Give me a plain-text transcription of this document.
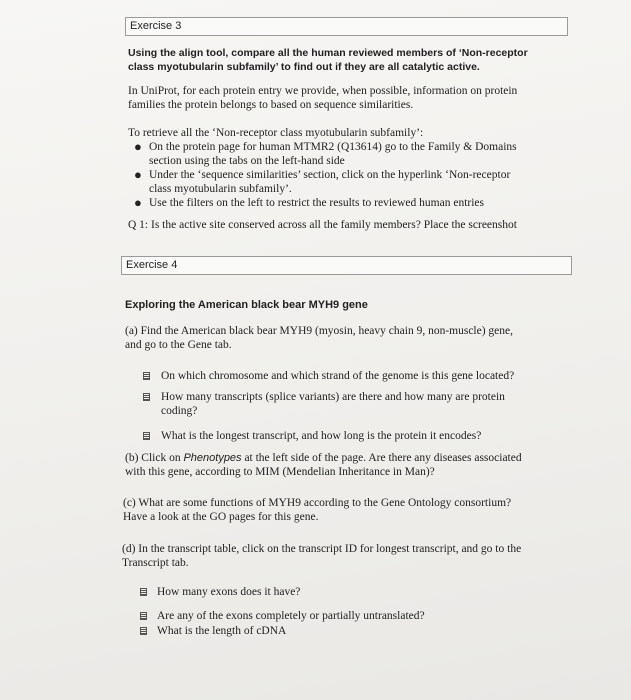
Exercise 3
Using the align tool, compare all the human reviewed members of ‘Non-receptor
class myotubularin subfamily’ to find out if they are all catalytic active.
In UniProt, for each protein entry we provide, when possible, information on protein
families the protein belongs to based on sequence similarities.
To retrieve all the ‘Non-receptor class myotubularin subfamily’:
● On the protein page for human MTMR2 (Q13614) go to the Family & Domains
section using the tabs on the left-hand side
● Under the ‘sequence similarities’ section, click on the hyperlink ‘Non-receptor
class myotubularin subfamily’.
● Use the filters on the left to restrict the results to reviewed human entries
Q 1: Is the active site conserved across all the family members? Place the screenshot
Exercise 4
Exploring the American black bear MYH9 gene
(a) Find the American black bear MYH9 (myosin, heavy chain 9, non-muscle) gene,
and go to the Gene tab.
On which chromosome and which strand of the genome is this gene located?
How many transcripts (splice variants) are there and how many are protein
coding?
What is the longest transcript, and how long is the protein it encodes?
(b) Click on Phenotypes at the left side of the page. Are there any diseases associated
with this gene, according to MIM (Mendelian Inheritance in Man)?
(c) What are some functions of MYH9 according to the Gene Ontology consortium?
Have a look at the GO pages for this gene.
(d) In the transcript table, click on the transcript ID for longest transcript, and go to the
Transcript tab.
How many exons does it have?
Are any of the exons completely or partially untranslated?
What is the length of cDNA
